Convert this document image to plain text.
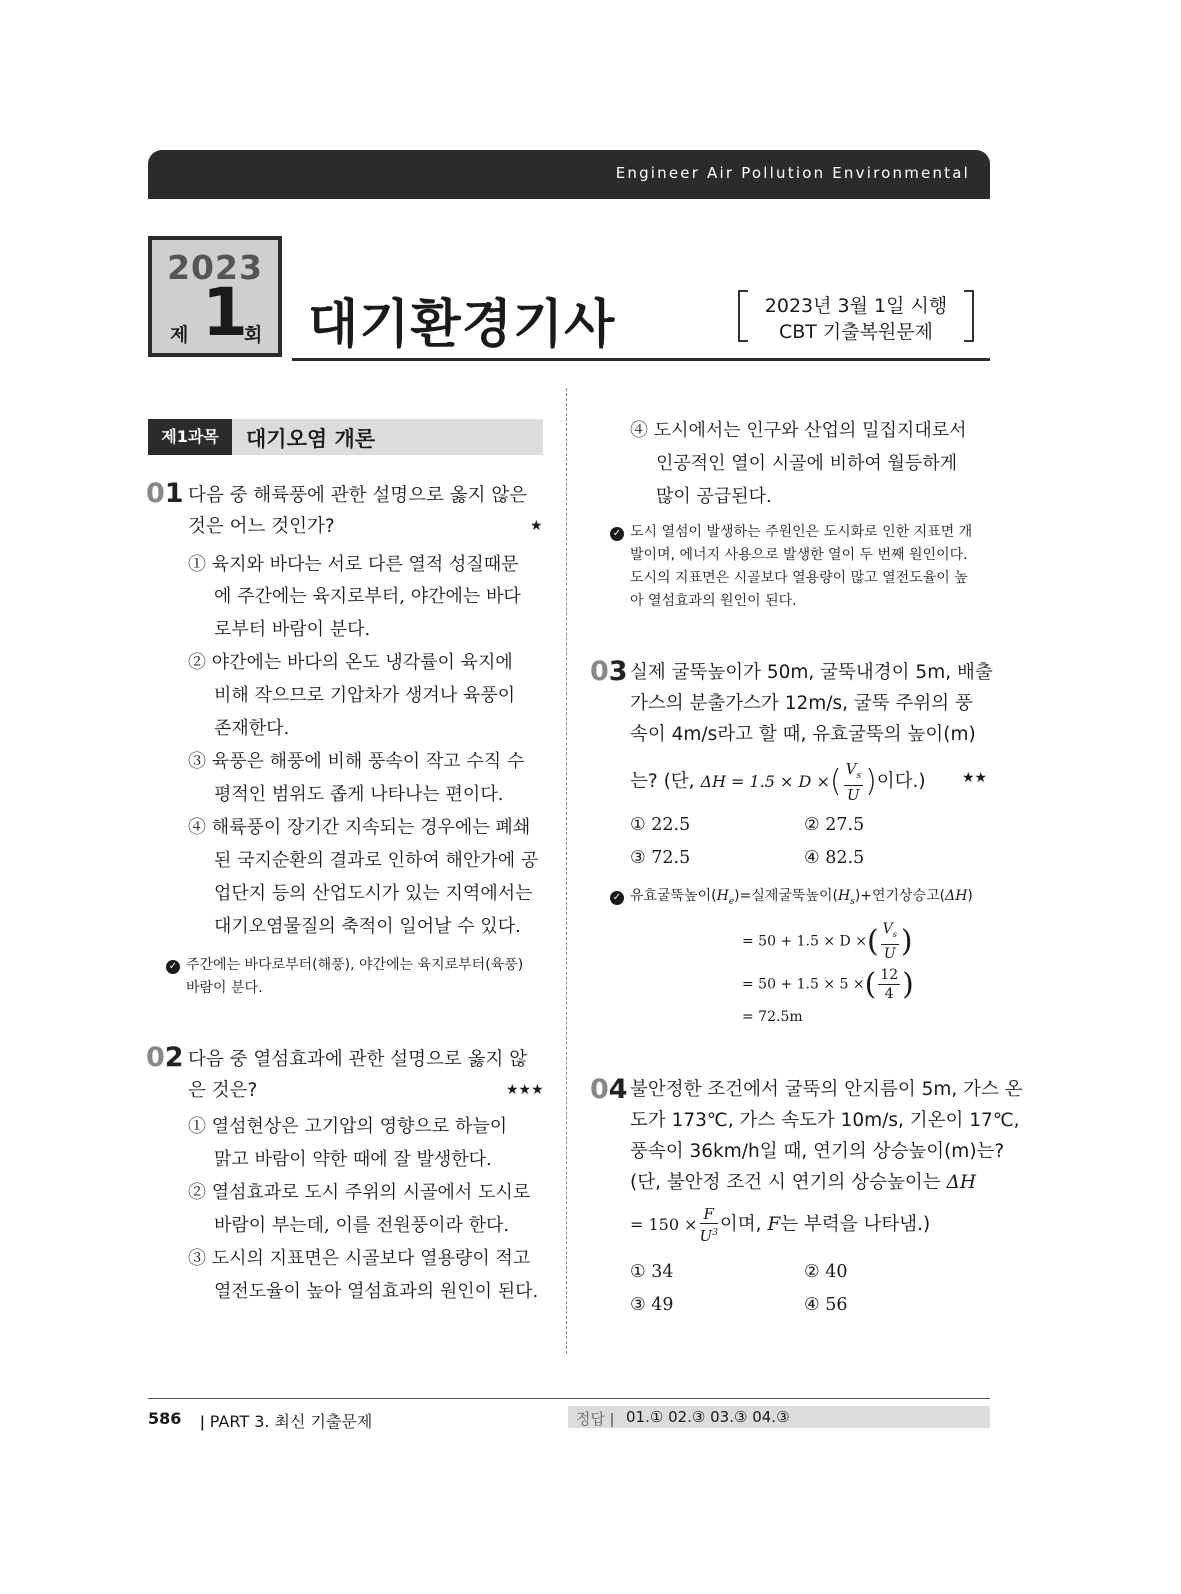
Engineer Air Pollution Environmental
2023
제 1
회 대기환경기사	2023년 3월 1일 시행
CBT 기출복원문제
제1과목	대기오염 개론
01 다음 중 해륙풍에 관한 설명으로 옳지 않은
것은 어느 것인가?	★
① 육지와 바다는 서로 다른 열적 성질때문
에 주간에는 육지로부터, 야간에는 바다
로부터 바람이 분다.
② 야간에는 바다의 온도 냉각률이 육지에
비해 작으므로 기압차가 생겨나 육풍이
존재한다.
③ 육풍은 해풍에 비해 풍속이 작고 수직 수
평적인 범위도 좁게 나타나는 편이다.
④ 해륙풍이 장기간 지속되는 경우에는 폐쇄
된 국지순환의 결과로 인하여 해안가에 공
업단지 등의 산업도시가 있는 지역에서는
대기오염물질의 축적이 일어날 수 있다.
✓ 주간에는 바다로부터(해풍), 야간에는 육지로부터(육풍)
바람이 분다.
02 다음 중 열섬효과에 관한 설명으로 옳지 않
은 것은?	★★★
① 열섬현상은 고기압의 영향으로 하늘이
맑고 바람이 약한 때에 잘 발생한다.
② 열섬효과로 도시 주위의 시골에서 도시로
바람이 부는데, 이를 전원풍이라 한다.
③ 도시의 지표면은 시골보다 열용량이 적고
열전도율이 높아 열섬효과의 원인이 된다.
④ 도시에서는 인구와 산업의 밀집지대로서
인공적인 열이 시골에 비하여 월등하게
많이 공급된다.
✓ 도시 열섬이 발생하는 주원인은 도시화로 인한 지표면 개
발이며, 에너지 사용으로 발생한 열이 두 번째 원인이다.
도시의 지표면은 시골보다 열용량이 많고 열전도율이 높
아 열섬효과의 원인이 된다.
03 실제 굴뚝높이가 50m, 굴뚝내경이 5m, 배출
가스의 분출가스가 12m/s, 굴뚝 주위의 풍
속이 4m/s라고 할 때, 유효굴뚝의 높이(m)
는? (단, ΔH = 1.5 × D ×( $\frac{V_s}{U}$ )이다.)	★★
① 22.5	② 27.5
③ 72.5	④ 82.5
✓ 유효굴뚝높이$(H_e)=$실제굴뚝높이$(H_s)+$연기상승고(ΔH)
= 50 + 1.5 × D ×( $\frac{V_s}{U}$ )
= 50 + 1.5 × 5 ×( $\frac{12}{4}$ )
= 72.5m
04 불안정한 조건에서 굴뚝의 안지름이 5m, 가스 온
도가 173℃, 가스 속도가 10m/s, 기온이 17℃,
풍속이 36km/h일 때, 연기의 상승높이(m)는?
(단, 불안정 조건 시 연기의 상승높이는 ΔH
= $150 \times \frac{F}{U^3}$ 이며, F는 부력을 나타냄.)
① 34	② 40
③ 49	④ 56
586 ǀ PART 3. 최신 기출문제	정답 ǀ 01.① 02.③ 03.③ 04.③
